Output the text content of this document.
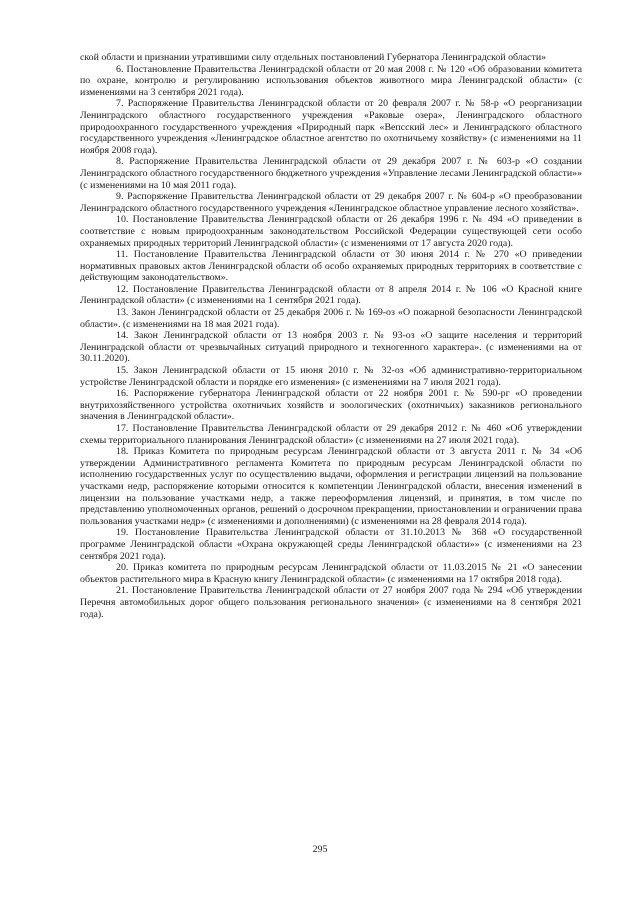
ской области и признании утратившими силу отдельных постановлений Губернатора Ленинградской области»

6. Постановление Правительства Ленинградской области от 20 мая 2008 г. № 120 «Об образовании комитета по охране, контролю и регулированию использования объектов животного мира Ленинградской области» (с изменениями на 3 сентября 2021 года).

7. Распоряжение Правительства Ленинградской области от 20 февраля 2007 г. № 58-р «О реорганизации Ленинградского областного государственного учреждения «Раковые озера», Ленинградского областного природоохранного государственного учреждения «Природный парк «Вепсский лес» и Ленинградского областного государственного учреждения «Ленинградское областное агентство по охотничьему хозяйству» (с изменениями на 11 ноября 2008 года).

8. Распоряжение Правительства Ленинградской области от 29 декабря 2007 г. № 603-р «О создании Ленинградского областного государственного бюджетного учреждения «Управление лесами Ленинградской области»» (с изменениями на 10 мая 2011 года).

9. Распоряжение Правительства Ленинградской области от 29 декабря 2007 г. № 604-р «О преобразовании Ленинградского областного государственного учреждения «Ленинградское областное управление лесного хозяйства».

10. Постановление Правительства Ленинградской области от 26 декабря 1996 г. № 494 «О приведении в соответствие с новым природоохранным законодательством Российской Федерации существующей сети особо охраняемых природных территорий Ленинградской области» (с изменениями от 17 августа 2020 года).

11. Постановление Правительства Ленинградской области от 30 июня 2014 г. № 270 «О приведении нормативных правовых актов Ленинградской области об особо охраняемых природных территориях в соответствие с действующим законодательством».

12. Постановление Правительства Ленинградской области от 8 апреля 2014 г. № 106 «О Красной книге Ленинградской области» (с изменениями на 1 сентября 2021 года).

13. Закон Ленинградской области от 25 декабря 2006 г. № 169-оз «О пожарной безопасности Ленинградской области». (с изменениями на 18 мая 2021 года).

14. Закон Ленинградской области от 13 ноября 2003 г. № 93-оз «О защите населения и территорий Ленинградской области от чрезвычайных ситуаций природного и техногенного характера». (с изменениями на от 30.11.2020).

15. Закон Ленинградской области от 15 июня 2010 г. № 32-оз «Об административно-территориальном устройстве Ленинградской области и порядке его изменения» (с изменениями на 7 июля 2021 года).

16. Распоряжение губернатора Ленинградской области от 22 ноября 2001 г. № 590-рг «О проведении внутрихозяйственного устройства охотничьих хозяйств и зоологических (охотничьих) заказников регионального значения в Ленинградской области».

17. Постановление Правительства Ленинградской области от 29 декабря 2012 г. № 460 «Об утверждении схемы территориального планирования Ленинградской области» (с изменениями на 27 июля 2021 года).

18. Приказ Комитета по природным ресурсам Ленинградской области от 3 августа 2011 г. № 34 «Об утверждении Административного регламента Комитета по природным ресурсам Ленинградской области по исполнению государственных услуг по осуществлению выдачи, оформления и регистрации лицензий на пользование участками недр, распоряжение которыми относится к компетенции Ленинградской области, внесения изменений в лицензии на пользование участками недр, а также переоформления лицензий, и принятия, в том числе по представлению уполномоченных органов, решений о досрочном прекращении, приостановлении и ограничении права пользования участками недр» (с изменениями и дополнениями) (с изменениями на 28 февраля 2014 года).

19. Постановление Правительства Ленинградской области от 31.10.2013 № 368 «О государственной программе Ленинградской области «Охрана окружающей среды Ленинградской области»» (с изменениями на 23 сентября 2021 года).

20. Приказ комитета по природным ресурсам Ленинградской области от 11.03.2015 № 21 «О занесении объектов растительного мира в Красную книгу Ленинградской области» (с изменениями на 17 октября 2018 года).

21. Постановление Правительства Ленинградской области от 27 ноября 2007 года № 294 «Об утверждении Перечня автомобильных дорог общего пользования регионального значения» (с изменениями на 8 сентября 2021 года).

295
